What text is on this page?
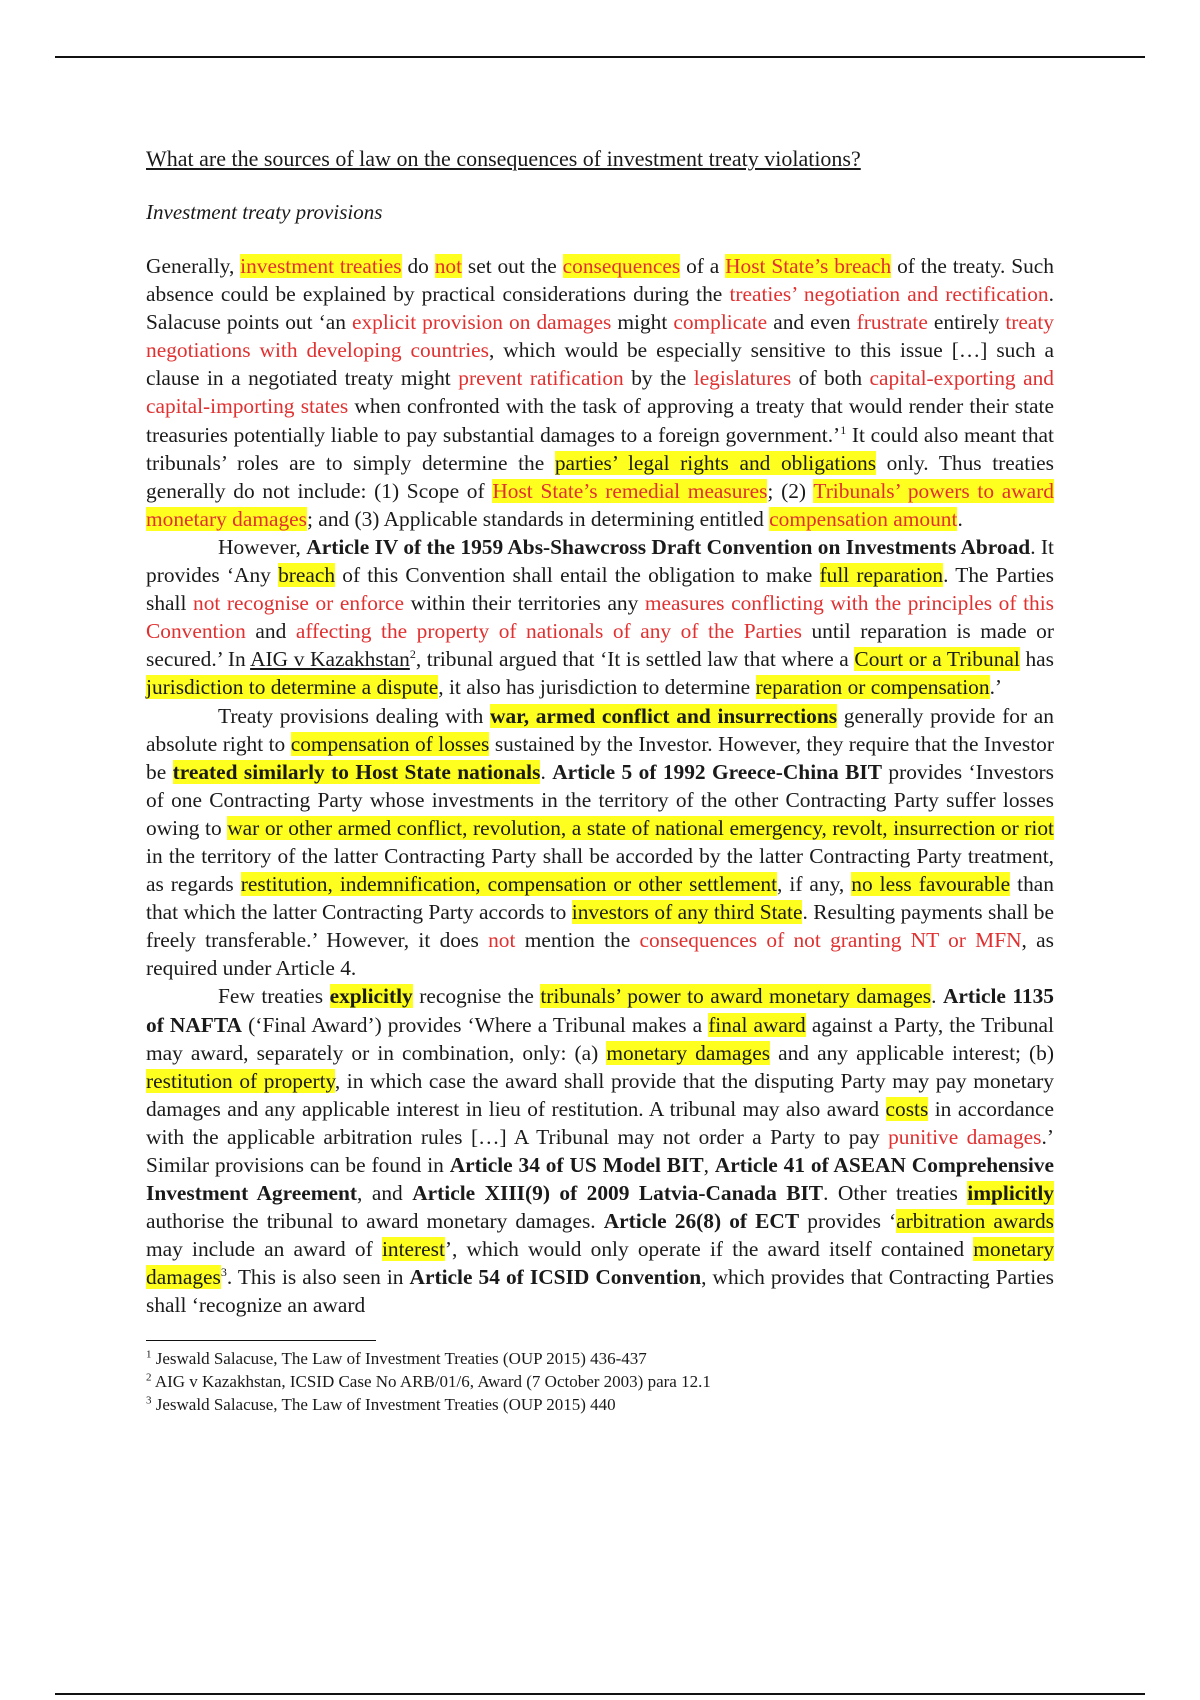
What are the sources of law on the consequences of investment treaty violations?

Investment treaty provisions

Generally, investment treaties do not set out the consequences of a Host State’s breach of the treaty. Such absence could be explained by practical considerations during the treaties’ negotiation and rectification. Salacuse points out ‘an explicit provision on damages might complicate and even frustrate entirely treaty negotiations with developing countries, which would be especially sensitive to this issue […] such a clause in a negotiated treaty might prevent ratification by the legislatures of both capital-exporting and capital-importing states when confronted with the task of approving a treaty that would render their state treasuries potentially liable to pay substantial damages to a foreign government.’$^1$ It could also meant that tribunals’ roles are to simply determine the parties’ legal rights and obligations only. Thus treaties generally do not include: (1) Scope of Host State’s remedial measures; (2) Tribunals’ powers to award monetary damages; and (3) Applicable standards in determining entitled compensation amount.

However, Article IV of the 1959 Abs-Shawcross Draft Convention on Investments Abroad. It provides ‘Any breach of this Convention shall entail the obligation to make full reparation. The Parties shall not recognise or enforce within their territories any measures conflicting with the principles of this Convention and affecting the property of nationals of any of the Parties until reparation is made or secured.’ In AIG v Kazakhstan$^2$, tribunal argued that ‘It is settled law that where a Court or a Tribunal has jurisdiction to determine a dispute, it also has jurisdiction to determine reparation or compensation.’

Treaty provisions dealing with war, armed conflict and insurrections generally provide for an absolute right to compensation of losses sustained by the Investor. However, they require that the Investor be treated similarly to Host State nationals. Article 5 of 1992 Greece-China BIT provides ‘Investors of one Contracting Party whose investments in the territory of the other Contracting Party suffer losses owing to war or other armed conflict, revolution, a state of national emergency, revolt, insurrection or riot in the territory of the latter Contracting Party shall be accorded by the latter Contracting Party treatment, as regards restitution, indemnification, compensation or other settlement, if any, no less favourable than that which the latter Contracting Party accords to investors of any third State. Resulting payments shall be freely transferable.’ However, it does not mention the consequences of not granting NT or MFN, as required under Article 4.

Few treaties explicitly recognise the tribunals’ power to award monetary damages. Article 1135 of NAFTA (‘Final Award’) provides ‘Where a Tribunal makes a final award against a Party, the Tribunal may award, separately or in combination, only: (a) monetary damages and any applicable interest; (b) restitution of property, in which case the award shall provide that the disputing Party may pay monetary damages and any applicable interest in lieu of restitution. A tribunal may also award costs in accordance with the applicable arbitration rules […] A Tribunal may not order a Party to pay punitive damages.’ Similar provisions can be found in Article 34 of US Model BIT, Article 41 of ASEAN Comprehensive Investment Agreement, and Article XIII(9) of 2009 Latvia-Canada BIT. Other treaties implicitly authorise the tribunal to award monetary damages. Article 26(8) of ECT provides ‘arbitration awards may include an award of interest’, which would only operate if the award itself contained monetary damages$^3$. This is also seen in Article 54 of ICSID Convention, which provides that Contracting Parties shall ‘recognize an award

$^1$ Jeswald Salacuse, The Law of Investment Treaties (OUP 2015) 436-437

$^2$ AIG v Kazakhstan, ICSID Case No ARB/01/6, Award (7 October 2003) para 12.1

$^3$ Jeswald Salacuse, The Law of Investment Treaties (OUP 2015) 440
